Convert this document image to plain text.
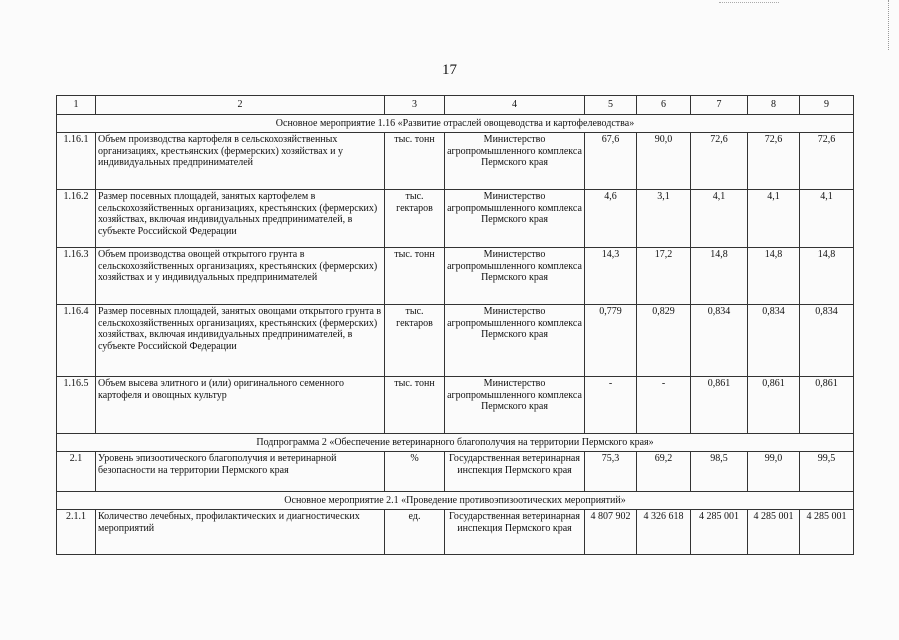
17
1	2	3	4	5	6	7	8	9
Основное мероприятие 1.16 «Развитие отраслей овощеводства и картофелеводства»								
1.16.1	Объем производства картофеля в сельскохозяйственных организациях, крестьянских (фермерских) хозяйствах и у индивидуальных предпринимателей	тыс. тонн	Министерство агропромышленного комплекса Пермского края	67,6	90,0	72,6	72,6	72,6
1.16.2	Размер посевных площадей, занятых картофелем в сельскохозяйственных организациях, крестьянских (фермерских) хозяйствах, включая индивидуальных предпринимателей, в субъекте Российской Федерации	тыс. гектаров	Министерство агропромышленного комплекса Пермского края	4,6	3,1	4,1	4,1	4,1
1.16.3	Объем производства овощей открытого грунта в сельскохозяйственных организациях, крестьянских (фермерских) хозяйствах и у индивидуальных предпринимателей	тыс. тонн	Министерство агропромышленного комплекса Пермского края	14,3	17,2	14,8	14,8	14,8
1.16.4	Размер посевных площадей, занятых овощами открытого грунта в сельскохозяйственных организациях, крестьянских (фермерских) хозяйствах, включая индивидуальных предпринимателей, в субъекте Российской Федерации	тыс. гектаров	Министерство агропромышленного комплекса Пермского края	0,779	0,829	0,834	0,834	0,834
1.16.5	Объем высева элитного и (или) оригинального семенного картофеля и овощных культур	тыс. тонн	Министерство агропромышленного комплекса Пермского края	-	-	0,861	0,861	0,861
Подпрограмма 2 «Обеспечение ветеринарного благополучия на территории Пермского края»								
2.1	Уровень эпизоотического благополучия и ветеринарной безопасности на территории Пермского края	%	Государственная ветеринарная инспекция Пермского края	75,3	69,2	98,5	99,0	99,5
Основное мероприятие 2.1 «Проведение противоэпизоотических мероприятий»								
2.1.1	Количество лечебных, профилактических и диагностических мероприятий	ед.	Государственная ветеринарная инспекция Пермского края	4 807 902	4 326 618	4 285 001	4 285 001	4 285 001
